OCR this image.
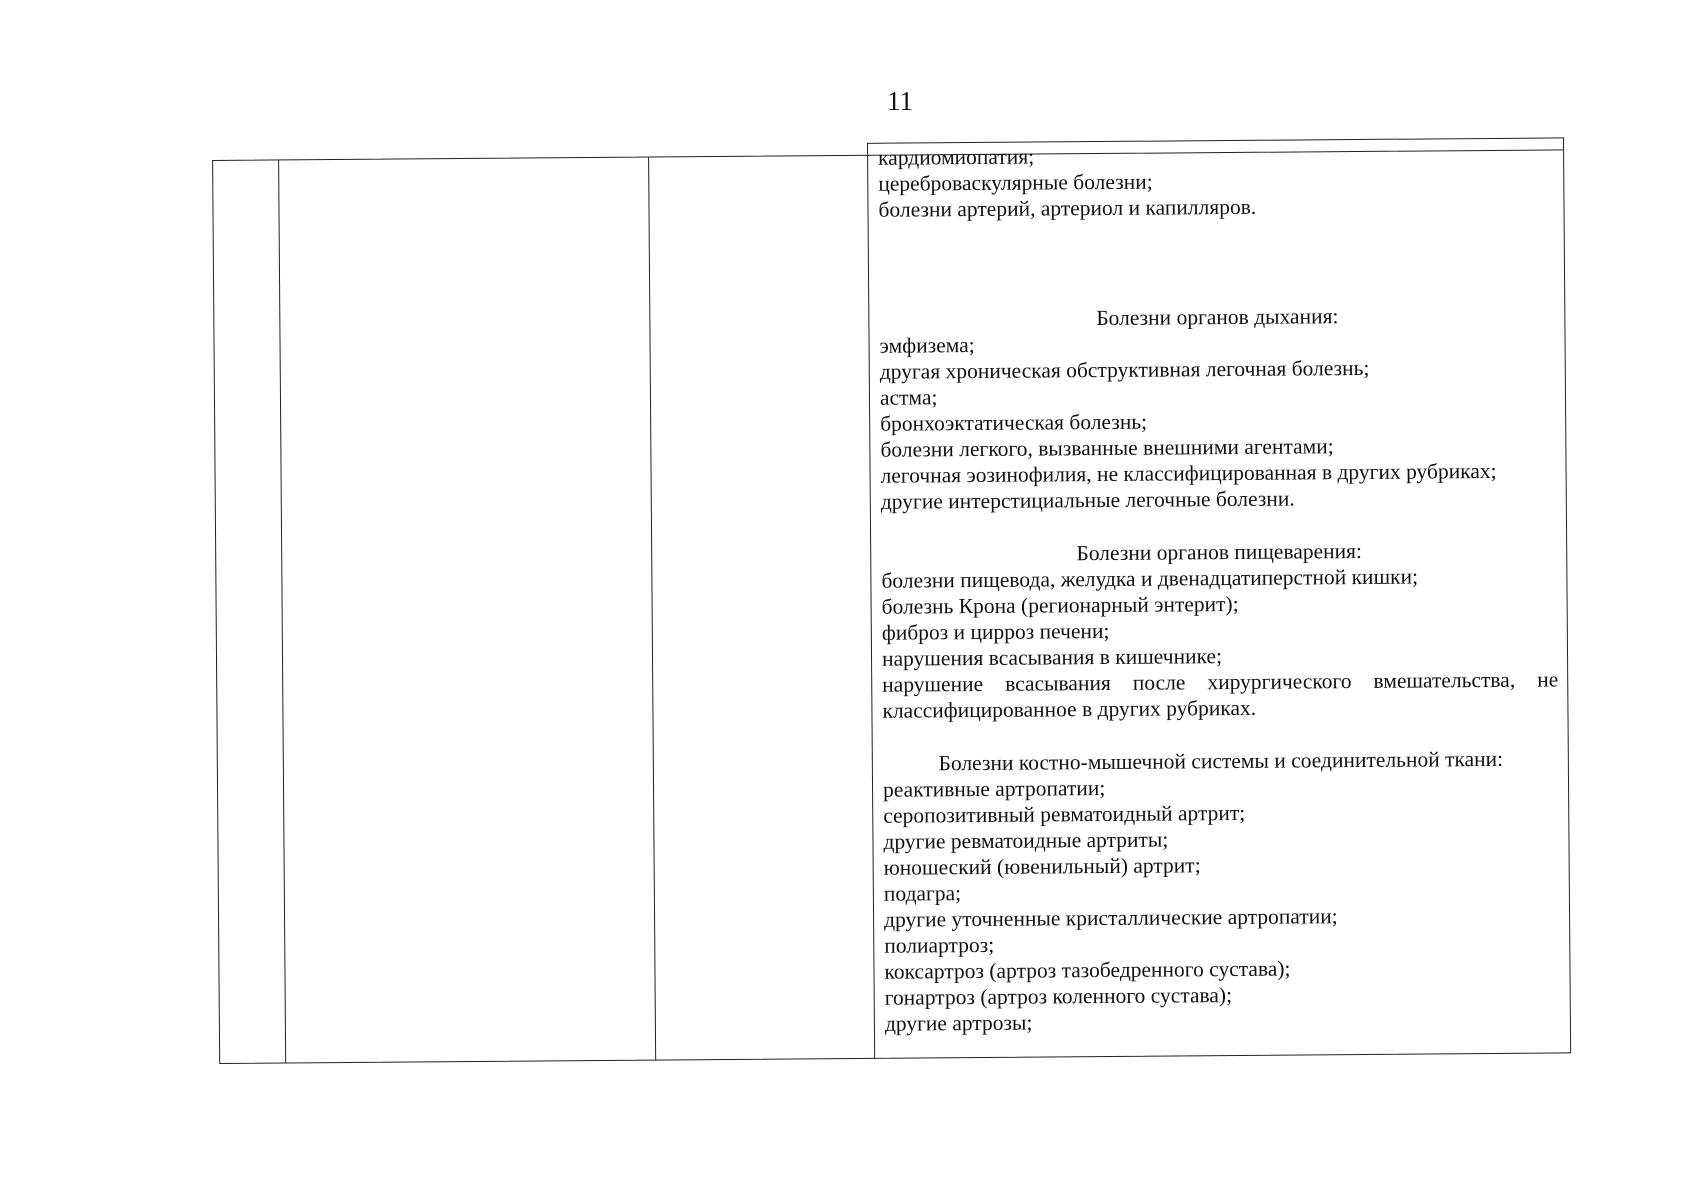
11
кардиомиопатия;
цереброваскулярные болезни;
болезни артерий, артериол и капилляров.
Болезни органов дыхания:
эмфизема;
другая хроническая обструктивная легочная болезнь;
астма;
бронхоэктатическая болезнь;
болезни легкого, вызванные внешними агентами;
легочная эозинофилия, не классифицированная в других рубриках;
другие интерстициальные легочные болезни.
Болезни органов пищеварения:
болезни пищевода, желудка и двенадцатиперстной кишки;
болезнь Крона (регионарный энтерит);
фиброз и цирроз печени;
нарушения всасывания в кишечнике;
нарушение всасывания после хирургического вмешательства, не классифицированное в других рубриках.
Болезни костно-мышечной системы и соединительной ткани:
реактивные артропатии;
серопозитивный ревматоидный артрит;
другие ревматоидные артриты;
юношеский (ювенильный) артрит;
подагра;
другие уточненные кристаллические артропатии;
полиартроз;
коксартроз (артроз тазобедренного сустава);
гонартроз (артроз коленного сустава);
другие артрозы;
